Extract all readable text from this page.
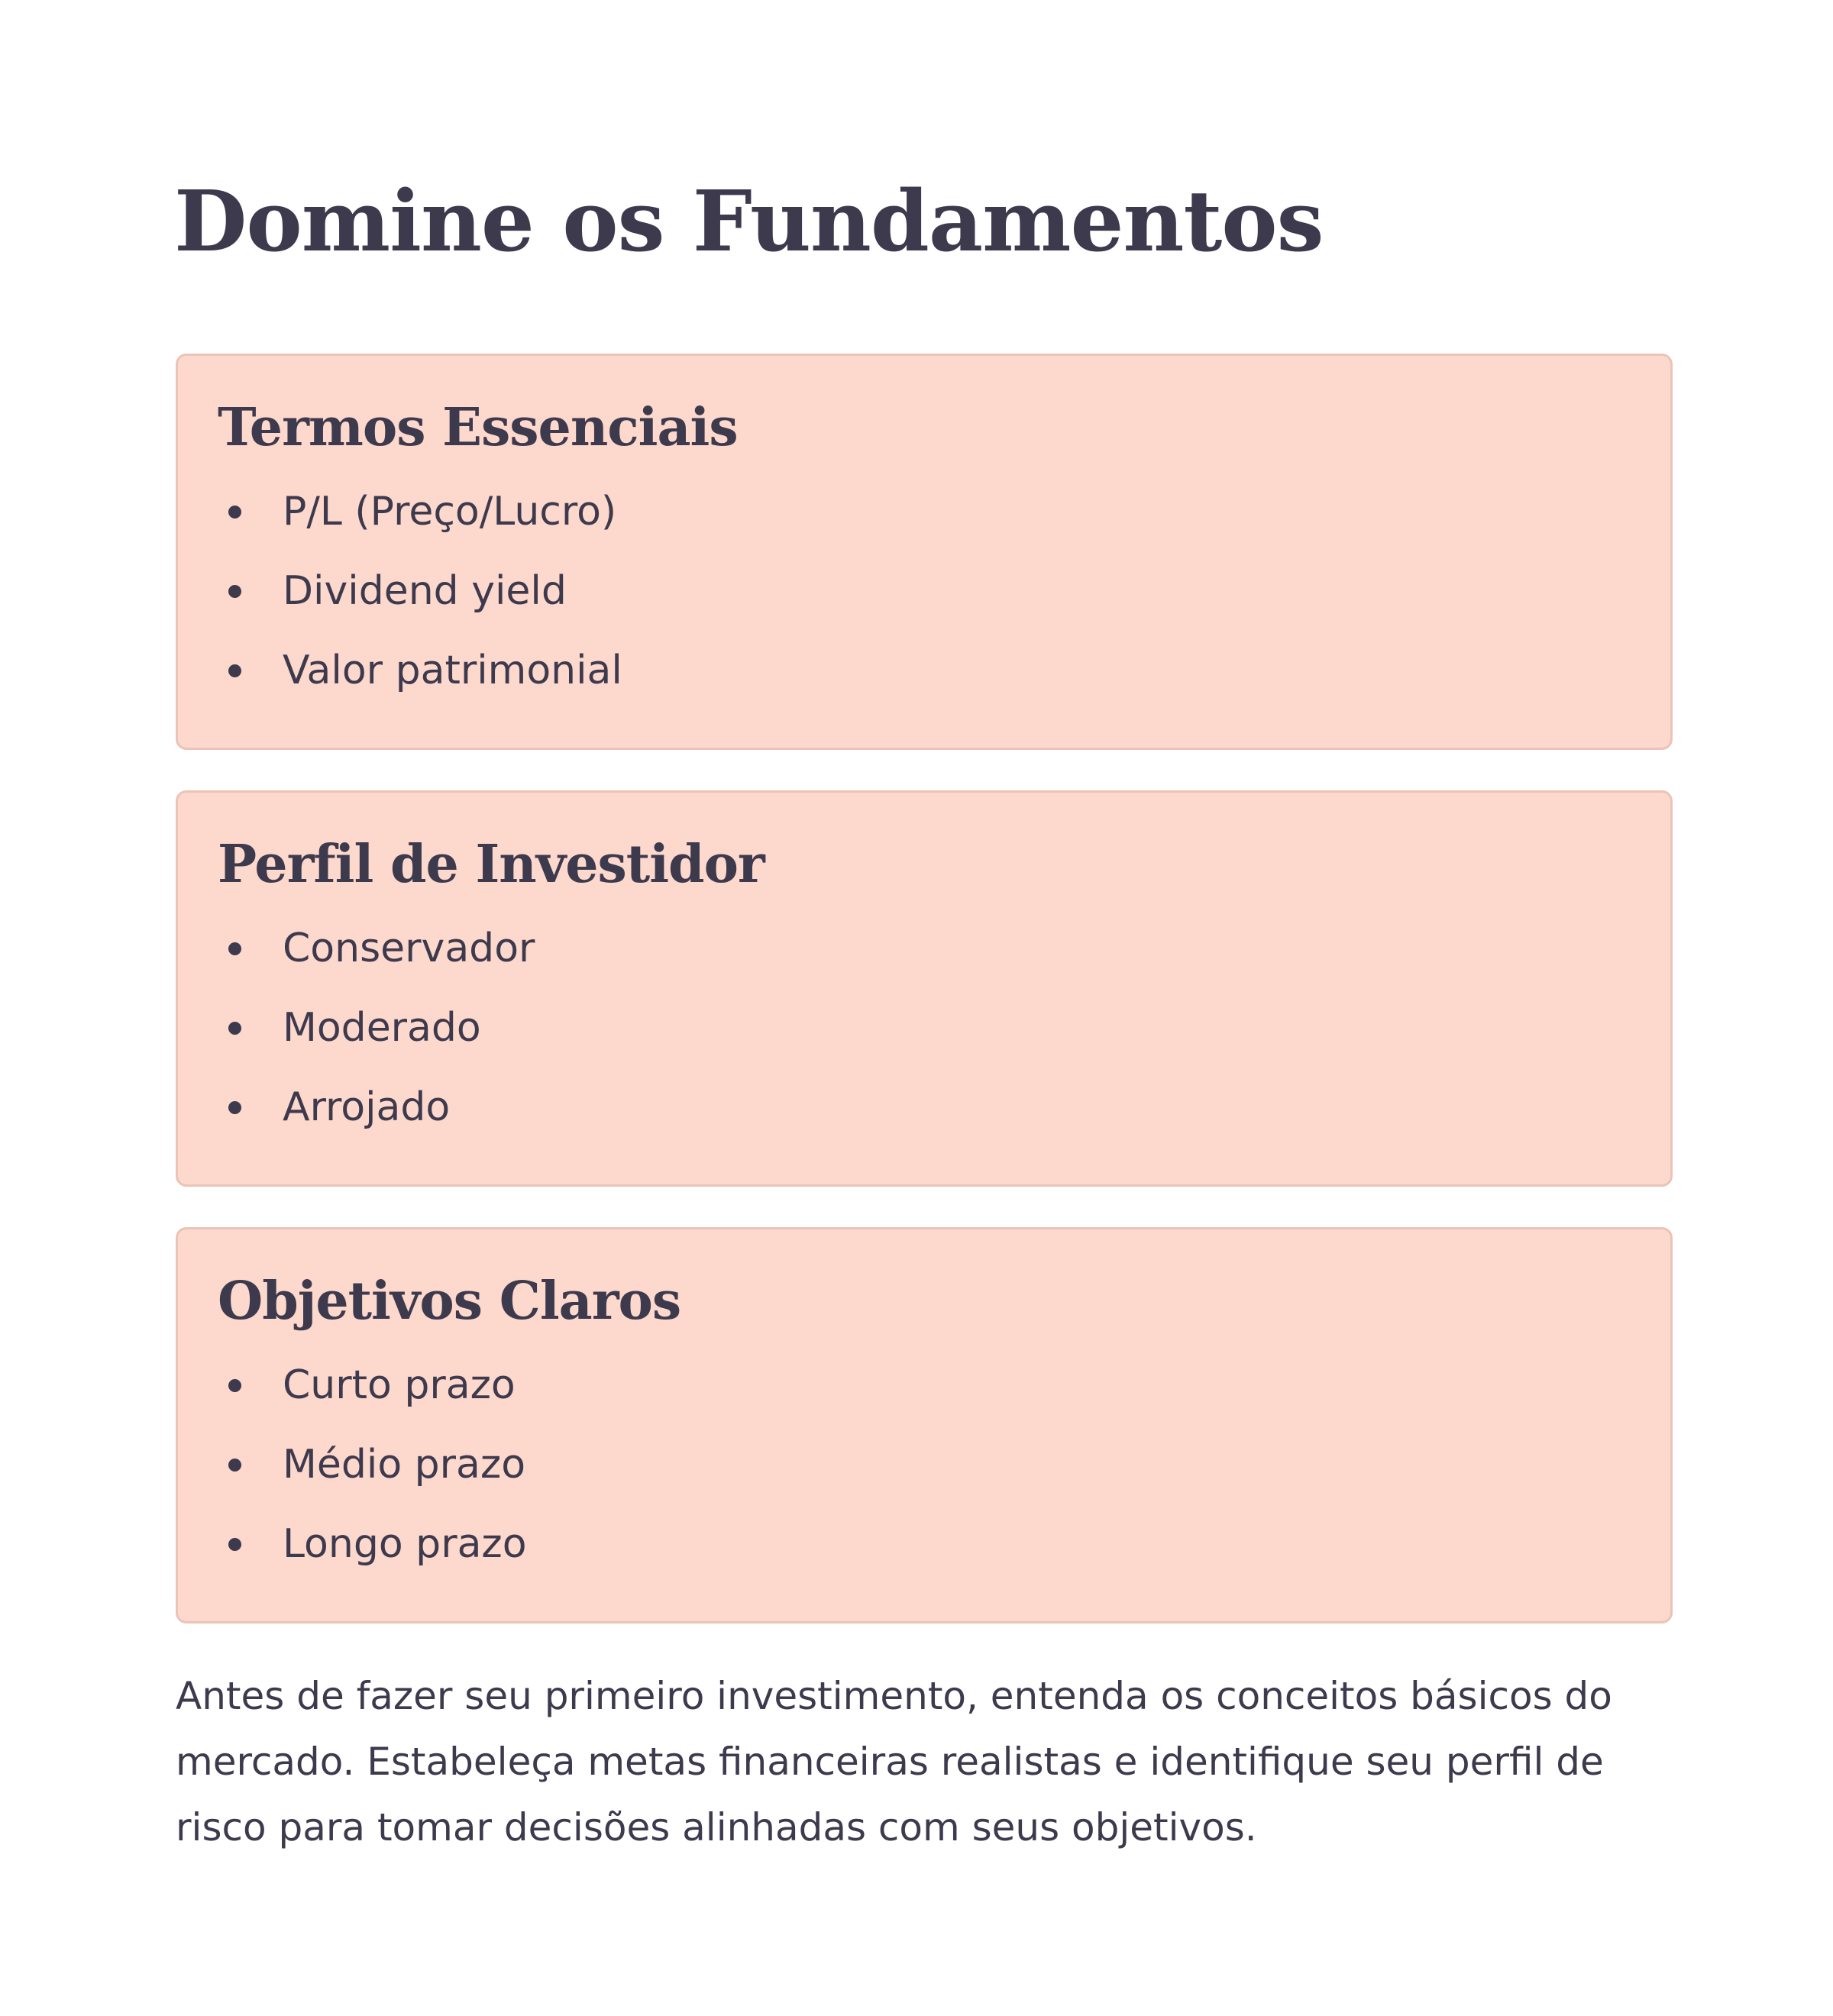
Domine os Fundamentos
Termos Essenciais
P/L (Preço/Lucro)
Dividend yield
Valor patrimonial
Perfil de Investidor
Conservador
Moderado
Arrojado
Objetivos Claros
Curto prazo
Médio prazo
Longo prazo

Antes de fazer seu primeiro investimento, entenda os conceitos básicos do mercado. Estabeleça metas financeiras realistas e identifique seu perfil de risco para tomar decisões alinhadas com seus objetivos.
